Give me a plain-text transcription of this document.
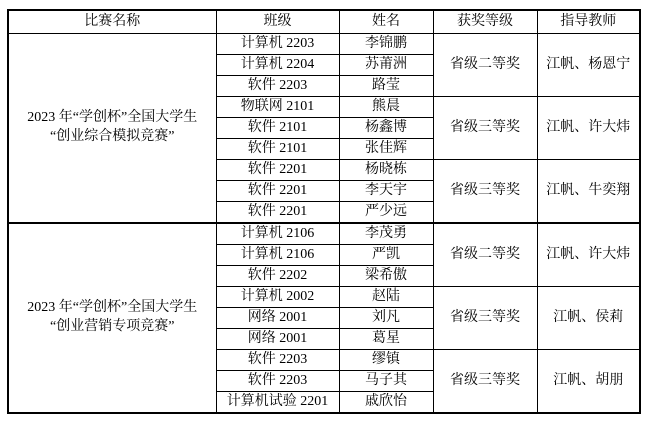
比赛名称	班级	姓名	获奖等级	指导教师

2023 年“学创杯”全国大学生
“创业综合模拟竞赛”	计算机 2203	李锦鹏	省级二等奖	江帆、杨恩宁
	计算机 2204	苏莆洲		
	软件 2203	路莹		
	物联网 2101	熊晨	省级三等奖	江帆、许大炜
	软件 2101	杨鑫博		
	软件 2101	张佳辉		
	软件 2201	杨晓栋	省级三等奖	江帆、牛奕翔
	软件 2201	李天宇		
	软件 2201	严少远		

2023 年“学创杯”全国大学生
“创业营销专项竞赛”	计算机 2106	李茂勇	省级二等奖	江帆、许大炜
	计算机 2106	严凯		
	软件 2202	梁希傲		
	计算机 2002	赵陆	省级三等奖	江帆、侯莉
	网络 2001	刘凡		
	网络 2001	葛星		
	软件 2203	缪镇	省级三等奖	江帆、胡朋
	软件 2203	马子其		
	计算机试验 2201	戚欣怡		
